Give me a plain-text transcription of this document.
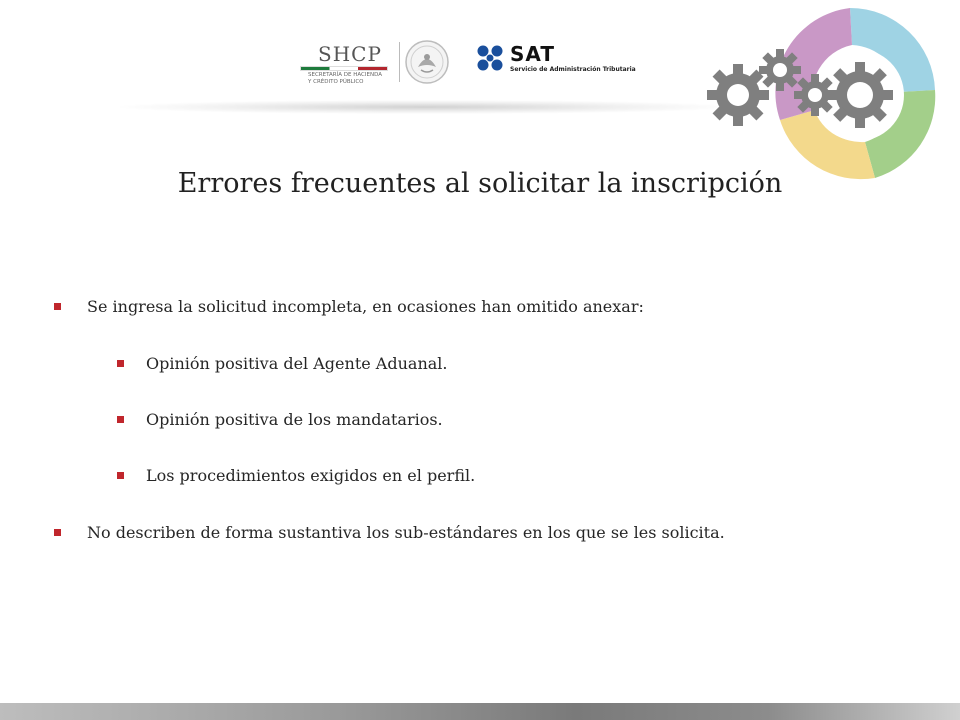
SHCP
SECRETARÍA DE HACIENDA
Y CRÉDITO PÚBLICO
SAT
Servicio de Administración Tributaria
Errores frecuentes al solicitar la inscripción
Se ingresa la solicitud incompleta, en ocasiones han omitido anexar:
Opinión positiva del Agente Aduanal.
Opinión positiva de los mandatarios.
Los procedimientos exigidos en el perfil.
No describen de forma sustantiva los sub-estándares en los que se les solicita.
